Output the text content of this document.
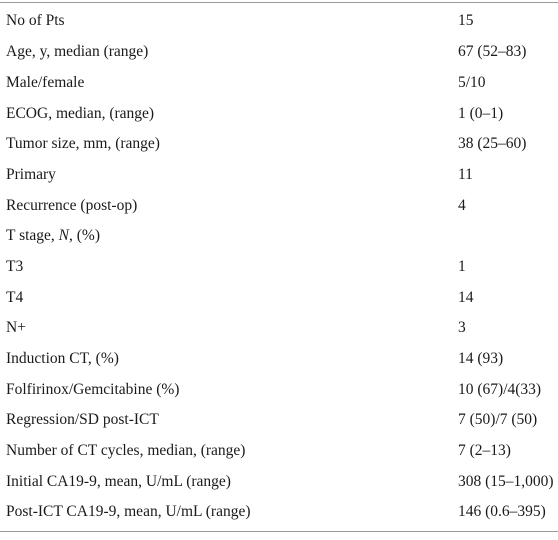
No of Pts	15
Age, y, median (range)	67 (52–83)
Male/female	5/10
ECOG, median, (range)	1 (0–1)
Tumor size, mm, (range)	38 (25–60)
Primary	11
Recurrence (post-op)	4
T stage, N, (%)	
T3	1
T4	14
N+	3
Induction CT, (%)	14 (93)
Folfirinox/Gemcitabine (%)	10 (67)/4(33)
Regression/SD post-ICT	7 (50)/7 (50)
Number of CT cycles, median, (range)	7 (2–13)
Initial CA19-9, mean, U/mL (range)	308 (15–1,000)
Post-ICT CA19-9, mean, U/mL (range)	146 (0.6–395)
